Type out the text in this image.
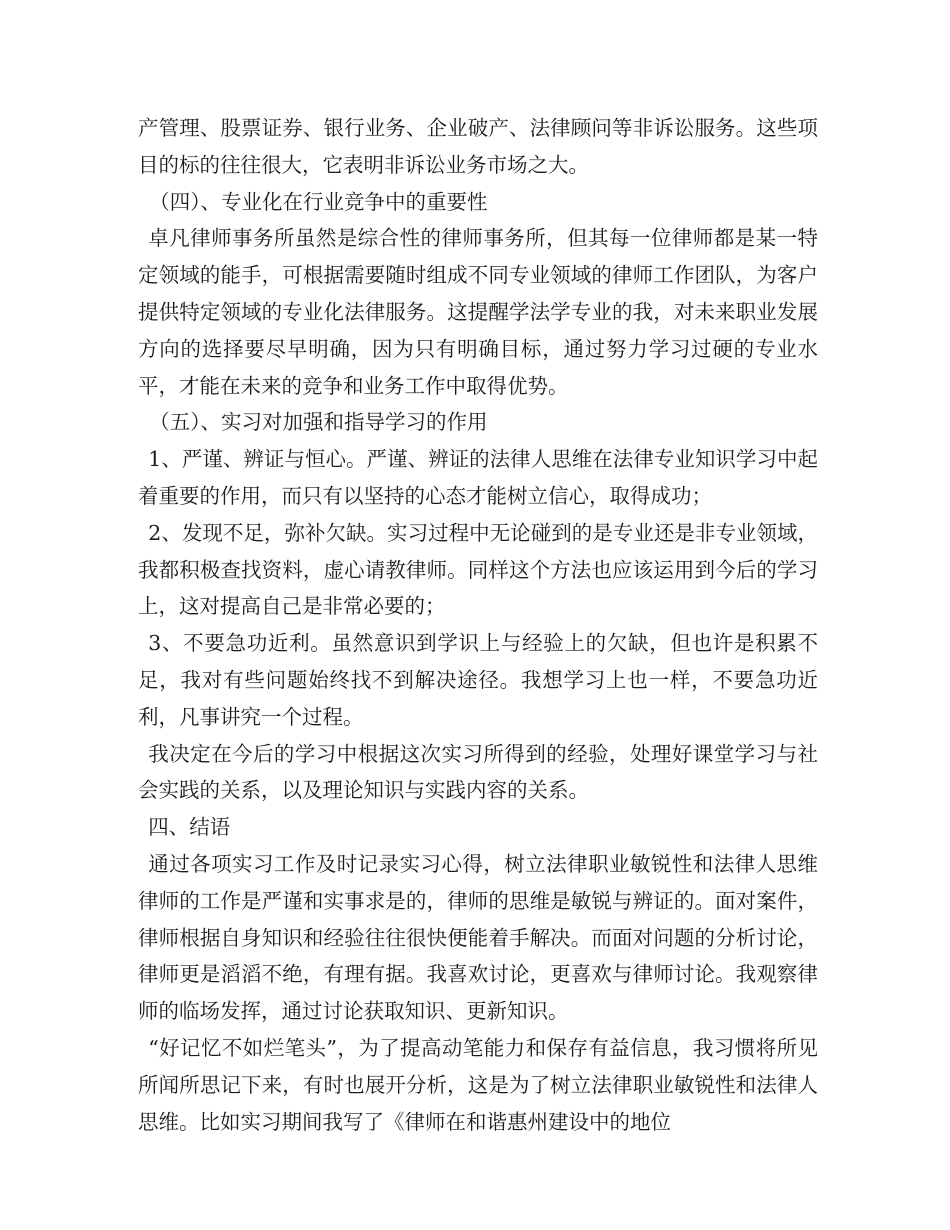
产管理、股票证券、银行业务、企业破产、法律顾问等非诉讼服务。这些项目的标的往往很大，它表明非诉讼业务市场之大。

（四）、专业化在行业竞争中的重要性

卓凡律师事务所虽然是综合性的律师事务所，但其每一位律师都是某一特定领域的能手，可根据需要随时组成不同专业领域的律师工作团队，为客户提供特定领域的专业化法律服务。这提醒学法学专业的我，对未来职业发展方向的选择要尽早明确，因为只有明确目标，通过努力学习过硬的专业水平，才能在未来的竞争和业务工作中取得优势。

（五）、实习对加强和指导学习的作用

1、严谨、辨证与恒心。严谨、辨证的法律人思维在法律专业知识学习中起着重要的作用，而只有以坚持的心态才能树立信心，取得成功；

2、发现不足，弥补欠缺。实习过程中无论碰到的是专业还是非专业领域，我都积极查找资料，虚心请教律师。同样这个方法也应该运用到今后的学习上，这对提高自己是非常必要的；

3、不要急功近利。虽然意识到学识上与经验上的欠缺，但也许是积累不足，我对有些问题始终找不到解决途径。我想学习上也一样，不要急功近利，凡事讲究一个过程。

我决定在今后的学习中根据这次实习所得到的经验，处理好课堂学习与社会实践的关系，以及理论知识与实践内容的关系。

四、结语

通过各项实习工作及时记录实习心得，树立法律职业敏锐性和法律人思维律师的工作是严谨和实事求是的，律师的思维是敏锐与辨证的。面对案件，律师根据自身知识和经验往往很快便能着手解决。而面对问题的分析讨论，律师更是滔滔不绝，有理有据。我喜欢讨论，更喜欢与律师讨论。我观察律师的临场发挥，通过讨论获取知识、更新知识。

“好记忆不如烂笔头”，为了提高动笔能力和保存有益信息，我习惯将所见所闻所思记下来，有时也展开分析，这是为了树立法律职业敏锐性和法律人思维。比如实习期间我写了《律师在和谐惠州建设中的地位
